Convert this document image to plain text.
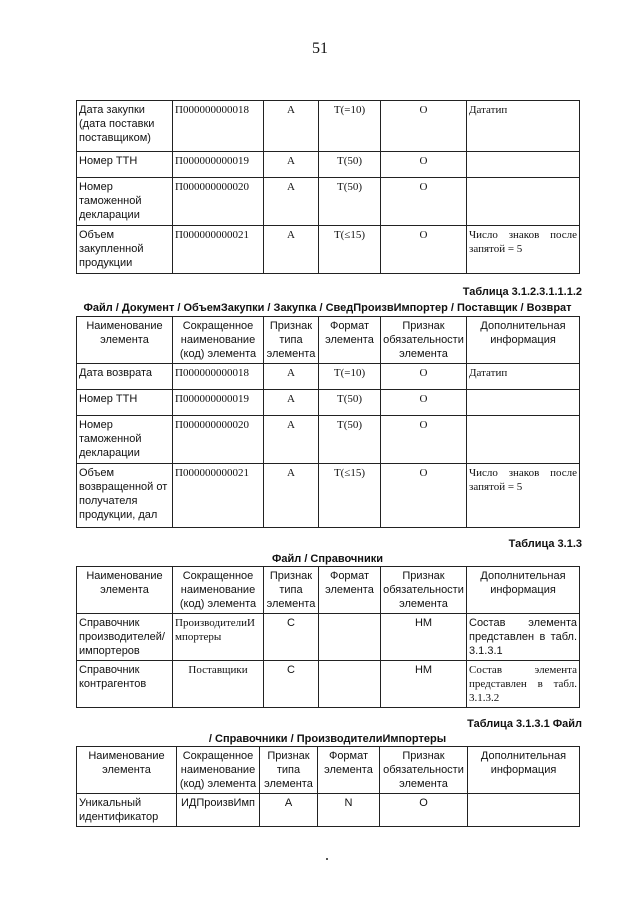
51
Дата закупки (дата поставки поставщиком)	П000000000018	А	Т(=10)	О	Дататип
Номер ТТН	П000000000019	А	Т(50)	О	
Номер таможенной декларации	П000000000020	А	Т(50)	О	
Объем закупленной продукции	П000000000021	А	Т(≤15)	О	Число знаков после запятой = 5
Таблица 3.1.2.3.1.1.1.2
Файл / Документ / ОбъемЗакупки / Закупка / СведПроизвИмпортер / Поставщик / Возврат
Наименование элемента	Сокращенное наименование (код) элемента	Признак типа элемента	Формат элемента	Признак обязательности элемента	Дополнительная информация
Дата возврата	П000000000018	А	Т(=10)	О	Дататип
Номер ТТН	П000000000019	А	Т(50)	О	
Номер таможенной декларации	П000000000020	А	Т(50)	О	
Объем возвращенной от получателя продукции, дал	П000000000021	А	Т(≤15)	О	Число знаков после запятой = 5
Таблица 3.1.3
Файл / Справочники
Наименование элемента	Сокращенное наименование (код) элемента	Признак типа элемента	Формат элемента	Признак обязательности элемента	Дополнительная информация
Справочник производителей/ импортеров	ПроизводителиИ мпортеры	С		НМ	Состав элемента представлен в табл. 3.1.3.1
Справочник контрагентов	Поставщики	С		НМ	Состав элемента представлен в табл. 3.1.3.2
Таблица 3.1.3.1 Файл
/ Справочники / ПроизводителиИмпортеры
Наименование элемента	Сокращенное наименование (код) элемента	Признак типа элемента	Формат элемента	Признак обязательности элемента	Дополнительная информация
Уникальный идентификатор	ИДПроизвИмп	А	N	О	
